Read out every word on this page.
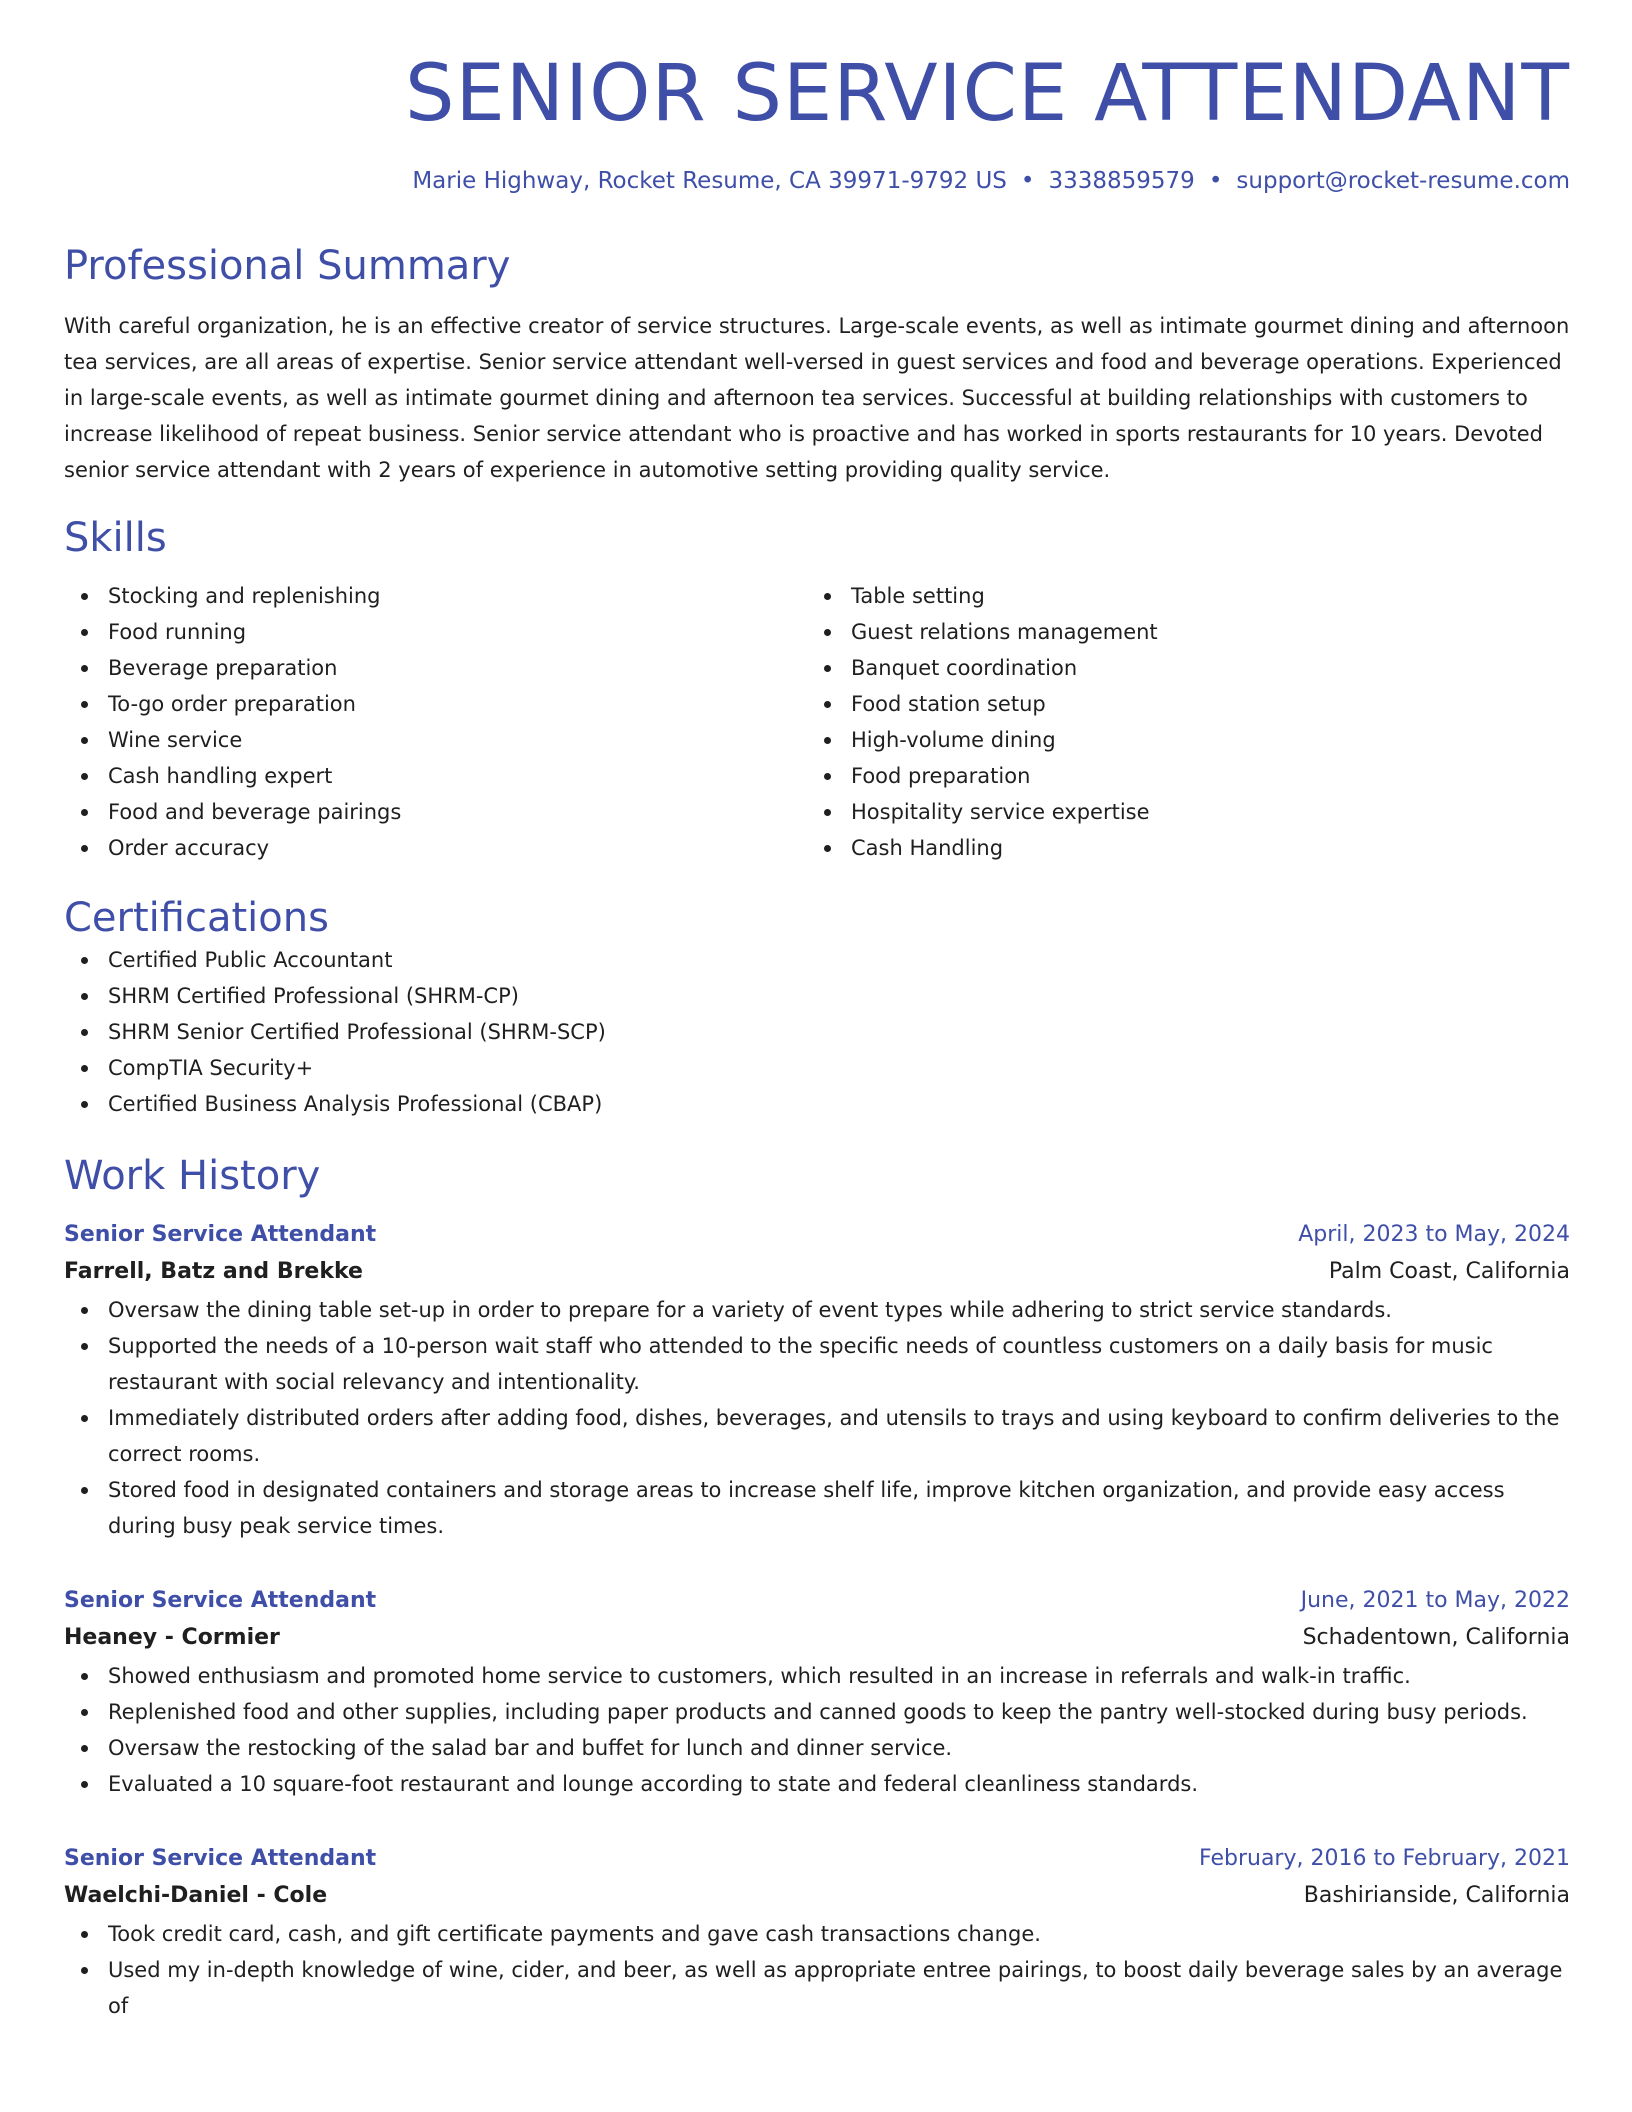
SENIOR SERVICE ATTENDANT
Marie Highway, Rocket Resume, CA 39971-9792 US • 3338859579 • support@rocket-resume.com
Professional Summary

With careful organization, he is an effective creator of service structures. Large-scale events, as well as intimate gourmet dining and afternoon tea services, are all areas of expertise. Senior service attendant well-versed in guest services and food and beverage operations. Experienced in large-scale events, as well as intimate gourmet dining and afternoon tea services. Successful at building relationships with customers to increase likelihood of repeat business. Senior service attendant who is proactive and has worked in sports restaurants for 10 years. Devoted senior service attendant with 2 years of experience in automotive setting providing quality service.

Skills
Stocking and replenishing
Food running
Beverage preparation
To-go order preparation
Wine service
Cash handling expert
Food and beverage pairings
Order accuracy
Table setting
Guest relations management
Banquet coordination
Food station setup
High-volume dining
Food preparation
Hospitality service expertise
Cash Handling
Certifications
Certified Public Accountant
SHRM Certified Professional (SHRM-CP)
SHRM Senior Certified Professional (SHRM-SCP)
CompTIA Security+
Certified Business Analysis Professional (CBAP)
Work History
Senior Service Attendant	April, 2023 to May, 2024
Farrell, Batz and Brekke	Palm Coast, California
Oversaw the dining table set-up in order to prepare for a variety of event types while adhering to strict service standards.
Supported the needs of a 10-person wait staff who attended to the specific needs of countless customers on a daily basis for music restaurant with social relevancy and intentionality.
Immediately distributed orders after adding food, dishes, beverages, and utensils to trays and using keyboard to confirm deliveries to the correct rooms.
Stored food in designated containers and storage areas to increase shelf life, improve kitchen organization, and provide easy access during busy peak service times.
Senior Service Attendant	June, 2021 to May, 2022
Heaney - Cormier	Schadentown, California
Showed enthusiasm and promoted home service to customers, which resulted in an increase in referrals and walk-in traffic.
Replenished food and other supplies, including paper products and canned goods to keep the pantry well-stocked during busy periods.
Oversaw the restocking of the salad bar and buffet for lunch and dinner service.
Evaluated a 10 square-foot restaurant and lounge according to state and federal cleanliness standards.
Senior Service Attendant	February, 2016 to February, 2021
Waelchi-Daniel - Cole	Bashirianside, California
Took credit card, cash, and gift certificate payments and gave cash transactions change.
Used my in-depth knowledge of wine, cider, and beer, as well as appropriate entree pairings, to boost daily beverage sales by an average of
